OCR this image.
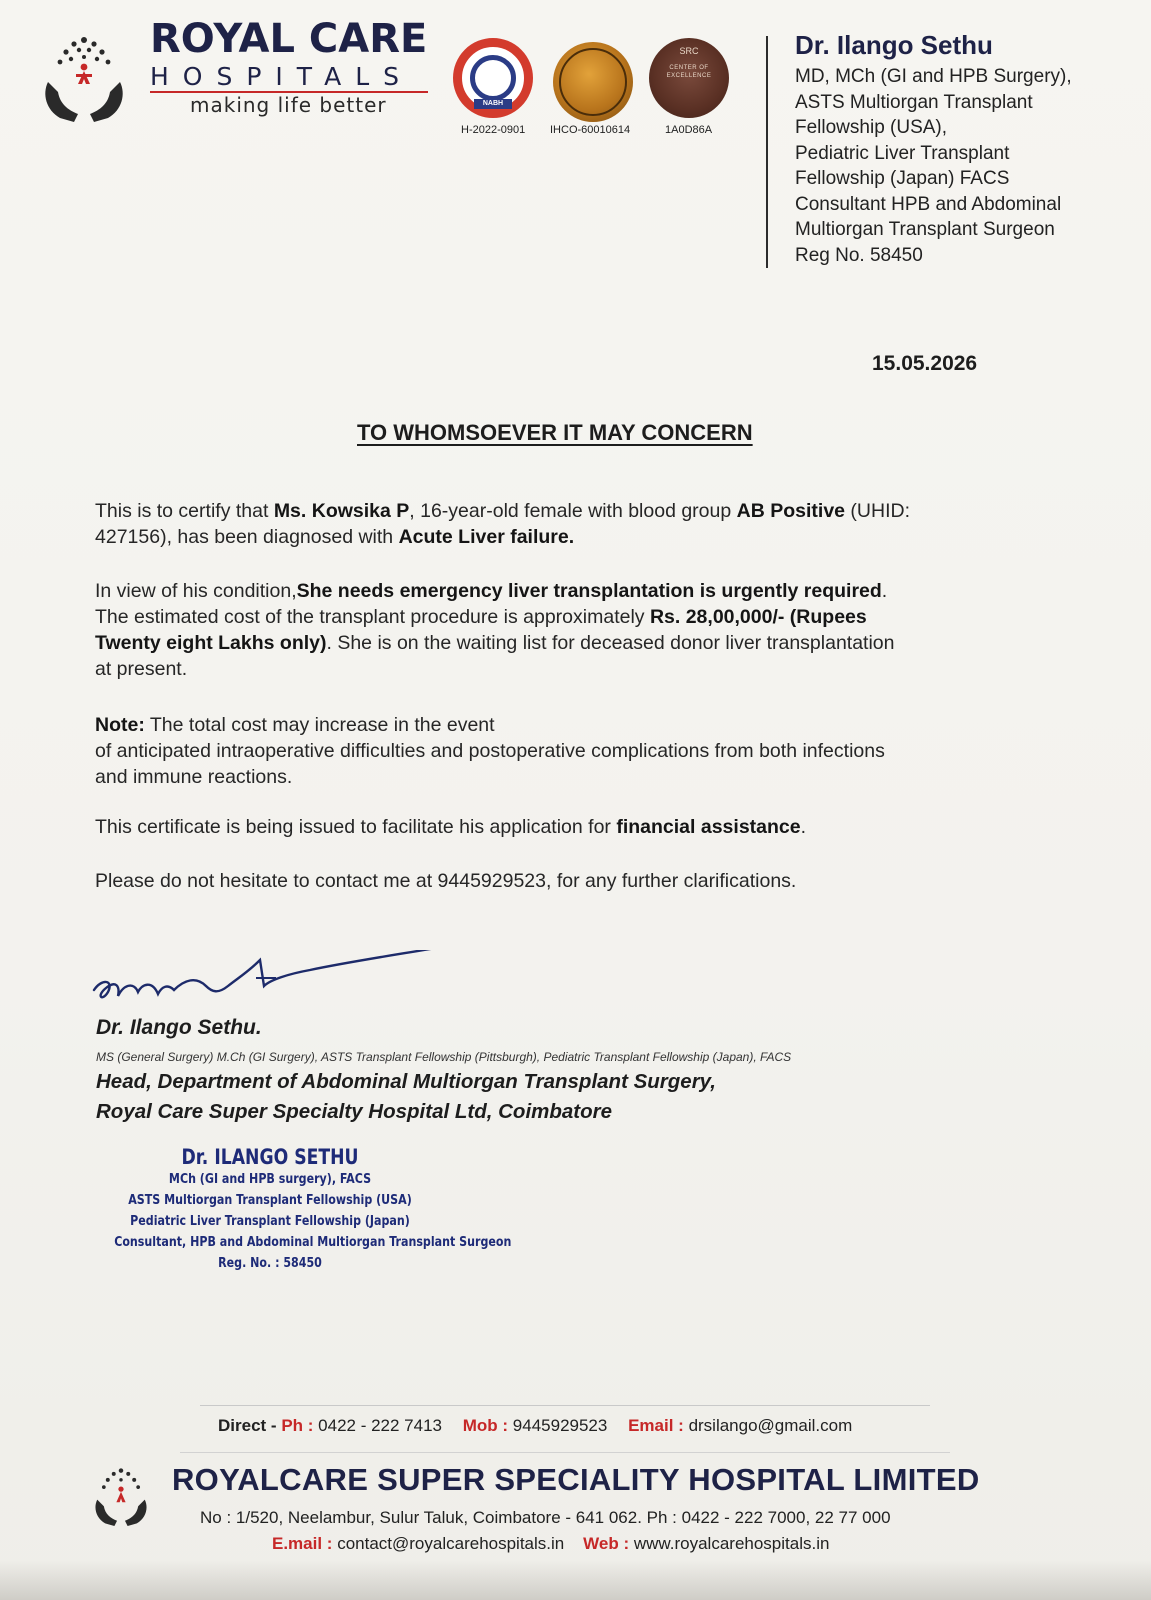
ROYAL CARE
HOSPITALS
making life better	NABH
SRC
CENTER OF EXCELLENCE
H-2022-0901 IHCO-60010614	1A0D86A
Dr. Ilango Sethu
MD, MCh (GI and HPB Surgery),
ASTS Multiorgan Transplant
Fellowship (USA),
Pediatric Liver Transplant
Fellowship (Japan) FACS
Consultant HPB and Abdominal
Multiorgan Transplant Surgeon
Reg No. 58450
15.05.2026
TO WHOMSOEVER IT MAY CONCERN
This is to certify that Ms. Kowsika P, 16-year-old female with blood group AB Positive (UHID:
427156), has been diagnosed with Acute Liver failure.
In view of his condition,She needs emergency liver transplantation is urgently required.
The estimated cost of the transplant procedure is approximately Rs. 28,00,000/- (Rupees
Twenty eight Lakhs only). She is on the waiting list for deceased donor liver transplantation
at present.
Note: The total cost may increase in the event
of anticipated intraoperative difficulties and postoperative complications from both infections
and immune reactions.
This certificate is being issued to facilitate his application for financial assistance.
Please do not hesitate to contact me at 9445929523, for any further clarifications.
Dr. Ilango Sethu.
MS (General Surgery) M.Ch (GI Surgery), ASTS Transplant Fellowship (Pittsburgh), Pediatric Transplant Fellowship (Japan), FACS
Head, Department of Abdominal Multiorgan Transplant Surgery,
Royal Care Super Specialty Hospital Ltd, Coimbatore
Dr. ILANGO SETHU
MCh (GI and HPB surgery), FACS
ASTS Multiorgan Transplant Fellowship (USA)
Pediatric Liver Transplant Fellowship (Japan)
Consultant, HPB and Abdominal Multiorgan Transplant Surgeon
Reg. No. : 58450
Direct - Ph : 0422 - 222 7413 Mob : 9445929523 Email : drsilango@gmail.com
ROYALCARE SUPER SPECIALITY HOSPITAL LIMITED
No : 1/520, Neelambur, Sulur Taluk, Coimbatore - 641 062. Ph : 0422 - 222 7000, 22 77 000
E.mail : contact@royalcarehospitals.in Web : www.royalcarehospitals.in
